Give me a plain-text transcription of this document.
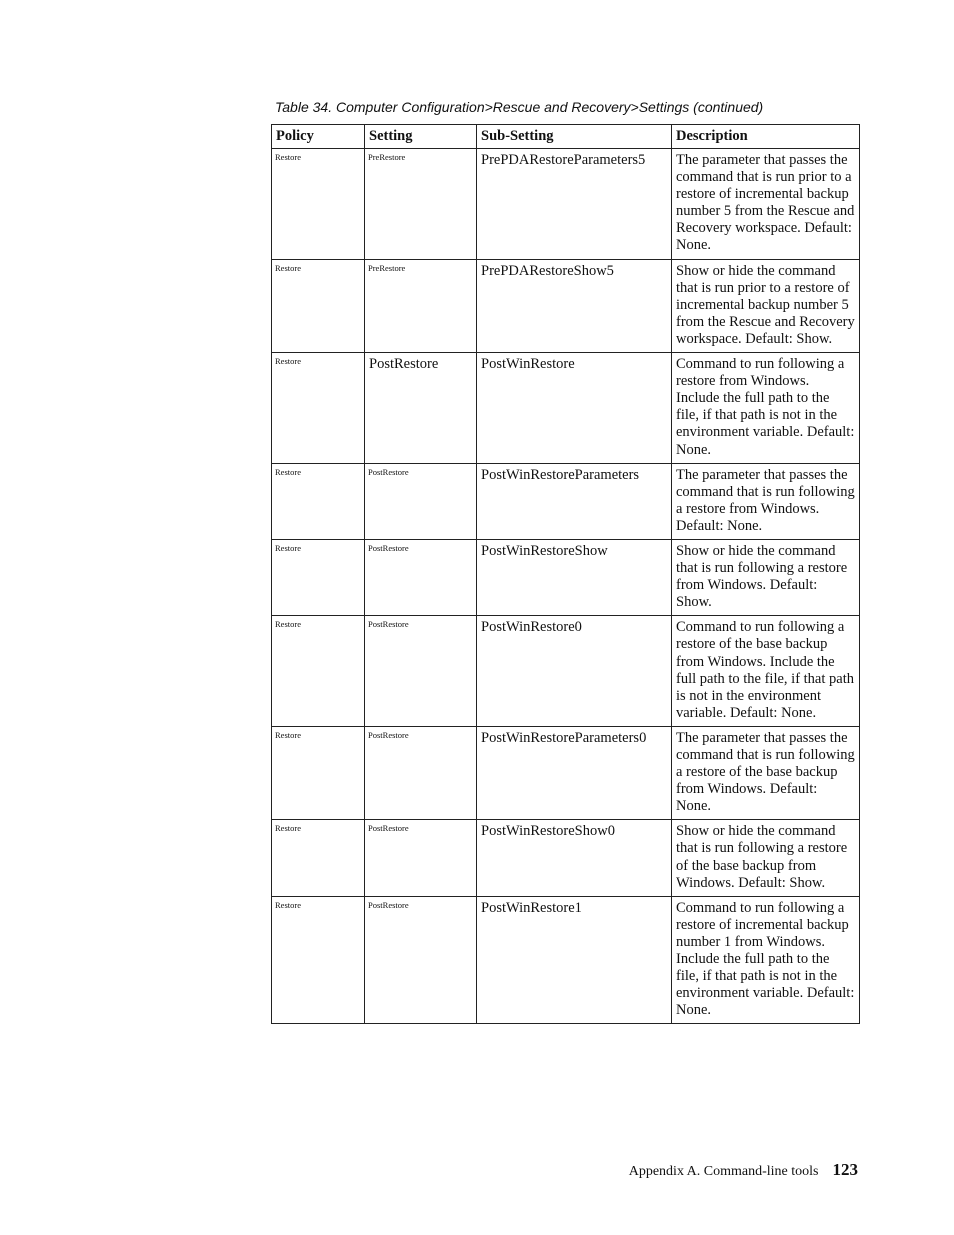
Table 34. Computer Configuration>Rescue and Recovery>Settings (continued)
Policy	Setting	Sub-Setting	Description

Restore	PreRestore	PrePDARestoreParameters5	The parameter that passes the command that is run prior to a restore of incremental backup number 5 from the Rescue and Recovery workspace. Default: None.

Restore	PreRestore	PrePDARestoreShow5	Show or hide the command that is run prior to a restore of incremental backup number 5 from the Rescue and Recovery workspace. Default: Show.

Restore	PostRestore	PostWinRestore	Command to run following a restore from Windows. Include the full path to the file, if that path is not in the environment variable. Default: None.

Restore	PostRestore	PostWinRestoreParameters	The parameter that passes the command that is run following a restore from Windows. Default: None.

Restore	PostRestore	PostWinRestoreShow	Show or hide the command that is run following a restore from Windows. Default: Show.

Restore	PostRestore	PostWinRestore0	Command to run following a restore of the base backup from Windows. Include the full path to the file, if that path is not in the environment variable. Default: None.

Restore	PostRestore	PostWinRestoreParameters0	The parameter that passes the command that is run following a restore of the base backup from Windows. Default: None.

Restore	PostRestore	PostWinRestoreShow0	Show or hide the command that is run following a restore of the base backup from Windows. Default: Show.

Restore	PostRestore	PostWinRestore1	Command to run following a restore of incremental backup number 1 from Windows. Include the full path to the file, if that path is not in the environment variable. Default: None.
Appendix A. Command-line tools 123
